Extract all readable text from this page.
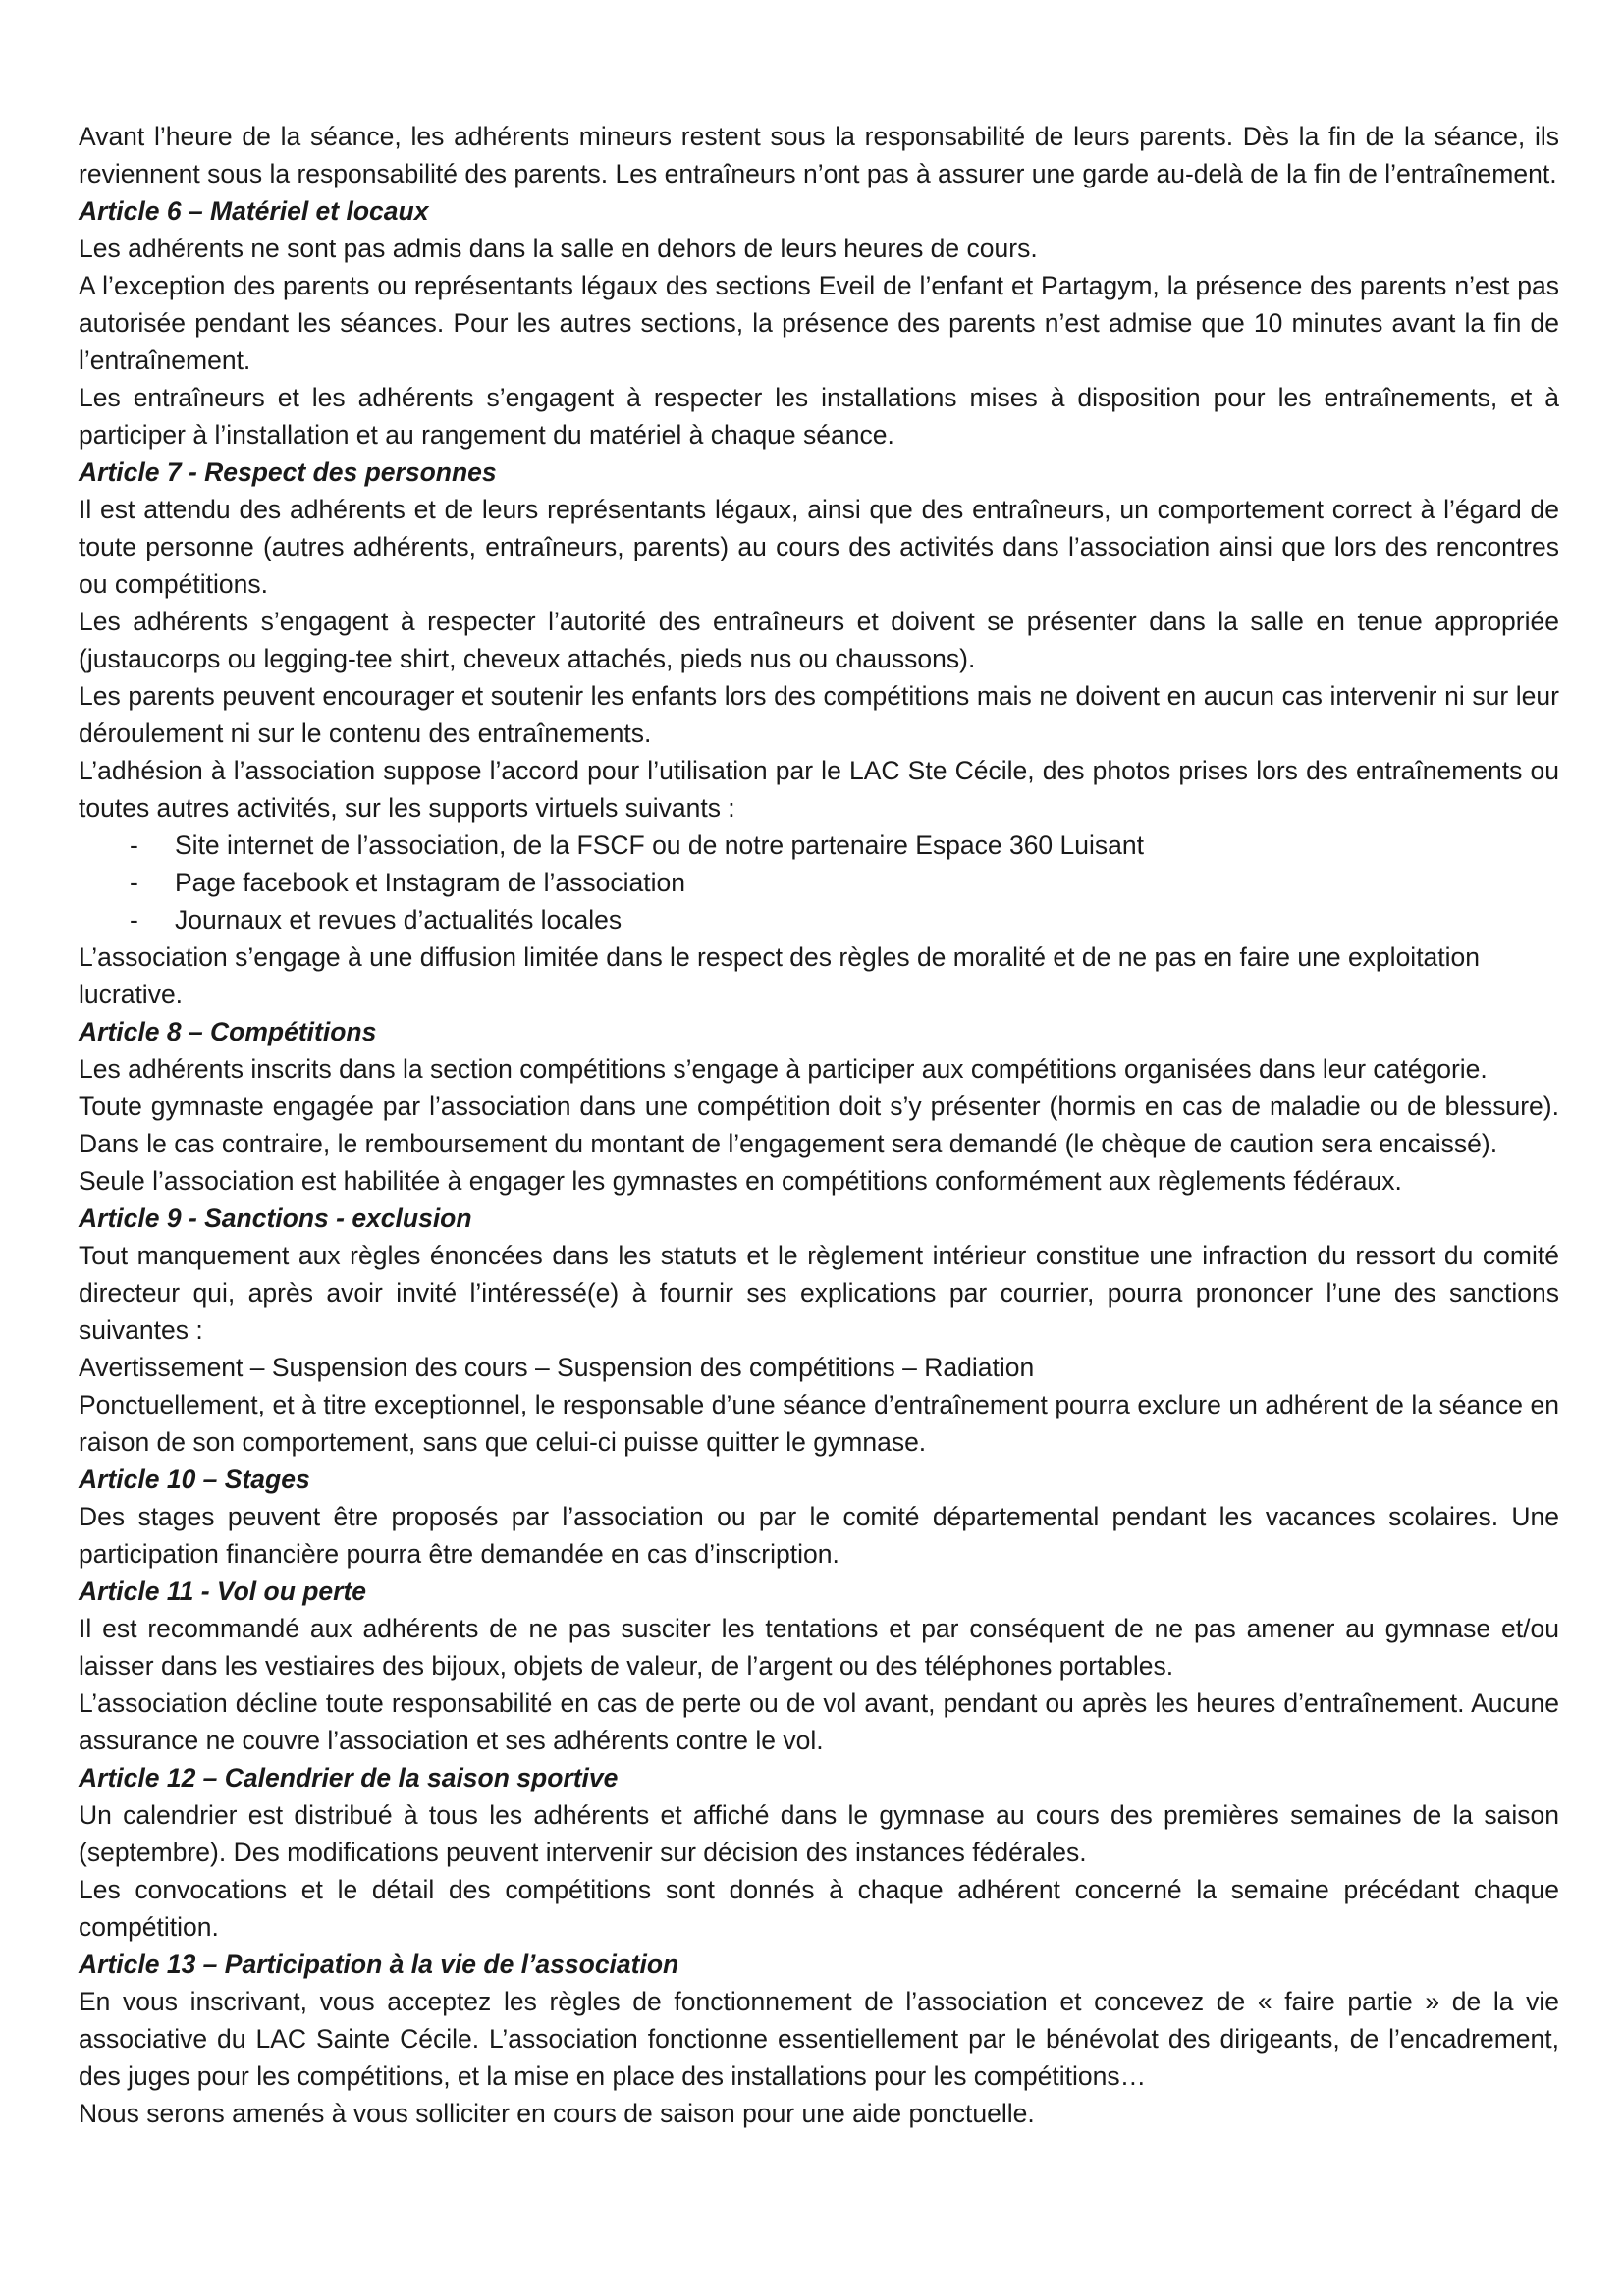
Avant l’heure de la séance, les adhérents mineurs restent sous la responsabilité de leurs parents. Dès la fin de la séance, ils reviennent sous la responsabilité des parents. Les entraîneurs n’ont pas à assurer une garde au-delà de la fin de l’entraînement.

Article 6 – Matériel et locaux

Les adhérents ne sont pas admis dans la salle en dehors de leurs heures de cours.

A l’exception des parents ou représentants légaux des sections Eveil de l’enfant et Partagym, la présence des parents n’est pas autorisée pendant les séances. Pour les autres sections, la présence des parents n’est admise que 10 minutes avant la fin de l’entraînement.

Les entraîneurs et les adhérents s’engagent à respecter les installations mises à disposition pour les entraînements, et à participer à l’installation et au rangement du matériel à chaque séance.

Article 7 - Respect des personnes

Il est attendu des adhérents et de leurs représentants légaux, ainsi que des entraîneurs, un comportement correct à l’égard de toute personne (autres adhérents, entraîneurs, parents) au cours des activités dans l’association ainsi que lors des rencontres ou compétitions.

Les adhérents s’engagent à respecter l’autorité des entraîneurs et doivent se présenter dans la salle en tenue appropriée (justaucorps ou legging-tee shirt, cheveux attachés, pieds nus ou chaussons).

Les parents peuvent encourager et soutenir les enfants lors des compétitions mais ne doivent en aucun cas intervenir ni sur leur déroulement ni sur le contenu des entraînements.

L’adhésion à l’association suppose l’accord pour l’utilisation par le LAC Ste Cécile, des photos prises lors des entraînements ou toutes autres activités, sur les supports virtuels suivants :

- Site internet de l’association, de la FSCF ou de notre partenaire Espace 360 Luisant
- Page facebook et Instagram de l’association
- Journaux et revues d’actualités locales

L’association s’engage à une diffusion limitée dans le respect des règles de moralité et de ne pas en faire une exploitation lucrative.

Article 8 – Compétitions

Les adhérents inscrits dans la section compétitions s’engage à participer aux compétitions organisées dans leur catégorie.

Toute gymnaste engagée par l’association dans une compétition doit s’y présenter (hormis en cas de maladie ou de blessure). Dans le cas contraire, le remboursement du montant de l’engagement sera demandé (le chèque de caution sera encaissé).

Seule l’association est habilitée à engager les gymnastes en compétitions conformément aux règlements fédéraux.

Article 9 - Sanctions - exclusion

Tout manquement aux règles énoncées dans les statuts et le règlement intérieur constitue une infraction du ressort du comité directeur qui, après avoir invité l’intéressé(e) à fournir ses explications par courrier, pourra prononcer l’une des sanctions suivantes :

Avertissement – Suspension des cours – Suspension des compétitions – Radiation

Ponctuellement, et à titre exceptionnel, le responsable d’une séance d’entraînement pourra exclure un adhérent de la séance en raison de son comportement, sans que celui-ci puisse quitter le gymnase.

Article 10 – Stages

Des stages peuvent être proposés par l’association ou par le comité départemental pendant les vacances scolaires. Une participation financière pourra être demandée en cas d’inscription.

Article 11 - Vol ou perte

Il est recommandé aux adhérents de ne pas susciter les tentations et par conséquent de ne pas amener au gymnase et/ou laisser dans les vestiaires des bijoux, objets de valeur, de l’argent ou des téléphones portables.

L’association décline toute responsabilité en cas de perte ou de vol avant, pendant ou après les heures d’entraînement. Aucune assurance ne couvre l’association et ses adhérents contre le vol.

Article 12 – Calendrier de la saison sportive

Un calendrier est distribué à tous les adhérents et affiché dans le gymnase au cours des premières semaines de la saison (septembre). Des modifications peuvent intervenir sur décision des instances fédérales.

Les convocations et le détail des compétitions sont donnés à chaque adhérent concerné la semaine précédant chaque compétition.

Article 13 – Participation à la vie de l’association

En vous inscrivant, vous acceptez les règles de fonctionnement de l’association et concevez de « faire partie » de la vie associative du LAC Sainte Cécile. L’association fonctionne essentiellement par le bénévolat des dirigeants, de l’encadrement, des juges pour les compétitions, et la mise en place des installations pour les compétitions…

Nous serons amenés à vous solliciter en cours de saison pour une aide ponctuelle.
